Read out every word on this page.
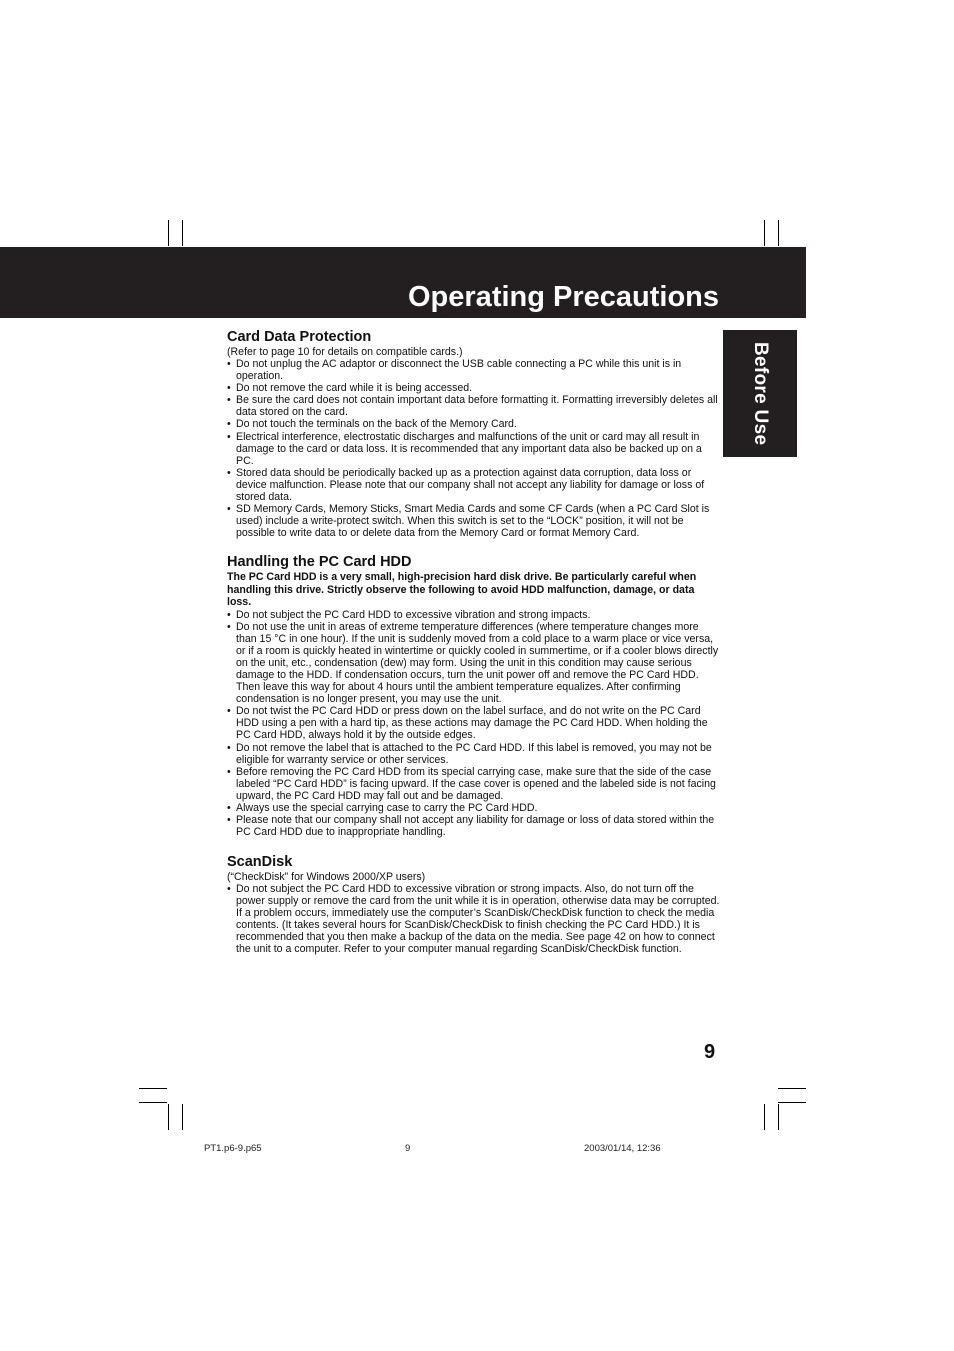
Operating Precautions
Before Use
Card Data Protection

(Refer to page 10 for details on compatible cards.)

• Do not unplug the AC adaptor or disconnect the USB cable connecting a PC while this unit is in operation.
• Do not remove the card while it is being accessed.
• Be sure the card does not contain important data before formatting it. Formatting irreversibly deletes all data stored on the card.
• Do not touch the terminals on the back of the Memory Card.
• Electrical interference, electrostatic discharges and malfunctions of the unit or card may all result in damage to the card or data loss. It is recommended that any important data also be backed up on a PC.
• Stored data should be periodically backed up as a protection against data corruption, data loss or device malfunction. Please note that our company shall not accept any liability for damage or loss of stored data.
• SD Memory Cards, Memory Sticks, Smart Media Cards and some CF Cards (when a PC Card Slot is used) include a write-protect switch. When this switch is set to the “LOCK” position, it will not be possible to write data to or delete data from the Memory Card or format Memory Card.
Handling the PC Card HDD

The PC Card HDD is a very small, high-precision hard disk drive. Be particularly careful when handling this drive. Strictly observe the following to avoid HDD malfunction, damage, or data loss.

• Do not subject the PC Card HDD to excessive vibration and strong impacts.
• Do not use the unit in areas of extreme temperature differences (where temperature changes more than 15 °C in one hour). If the unit is suddenly moved from a cold place to a warm place or vice versa, or if a room is quickly heated in wintertime or quickly cooled in summertime, or if a cooler blows directly on the unit, etc., condensation (dew) may form. Using the unit in this condition may cause serious damage to the HDD. If condensation occurs, turn the unit power off and remove the PC Card HDD. Then leave this way for about 4 hours until the ambient temperature equalizes. After confirming condensation is no longer present, you may use the unit.
• Do not twist the PC Card HDD or press down on the label surface, and do not write on the PC Card HDD using a pen with a hard tip, as these actions may damage the PC Card HDD. When holding the PC Card HDD, always hold it by the outside edges.
• Do not remove the label that is attached to the PC Card HDD. If this label is removed, you may not be eligible for warranty service or other services.
• Before removing the PC Card HDD from its special carrying case, make sure that the side of the case labeled “PC Card HDD” is facing upward. If the case cover is opened and the labeled side is not facing upward, the PC Card HDD may fall out and be damaged.
• Always use the special carrying case to carry the PC Card HDD.
• Please note that our company shall not accept any liability for damage or loss of data stored within the PC Card HDD due to inappropriate handling.
ScanDisk

(“CheckDisk” for Windows 2000/XP users)

• Do not subject the PC Card HDD to excessive vibration or strong impacts. Also, do not turn off the power supply or remove the card from the unit while it is in operation, otherwise data may be corrupted. If a problem occurs, immediately use the computer’s ScanDisk/CheckDisk function to check the media contents. (It takes several hours for ScanDisk/CheckDisk to finish checking the PC Card HDD.) It is recommended that you then make a backup of the data on the media. See page 42 on how to connect the unit to a computer. Refer to your computer manual regarding ScanDisk/CheckDisk function.
9
PT1.p6-9.p65	9	2003/01/14, 12:36
